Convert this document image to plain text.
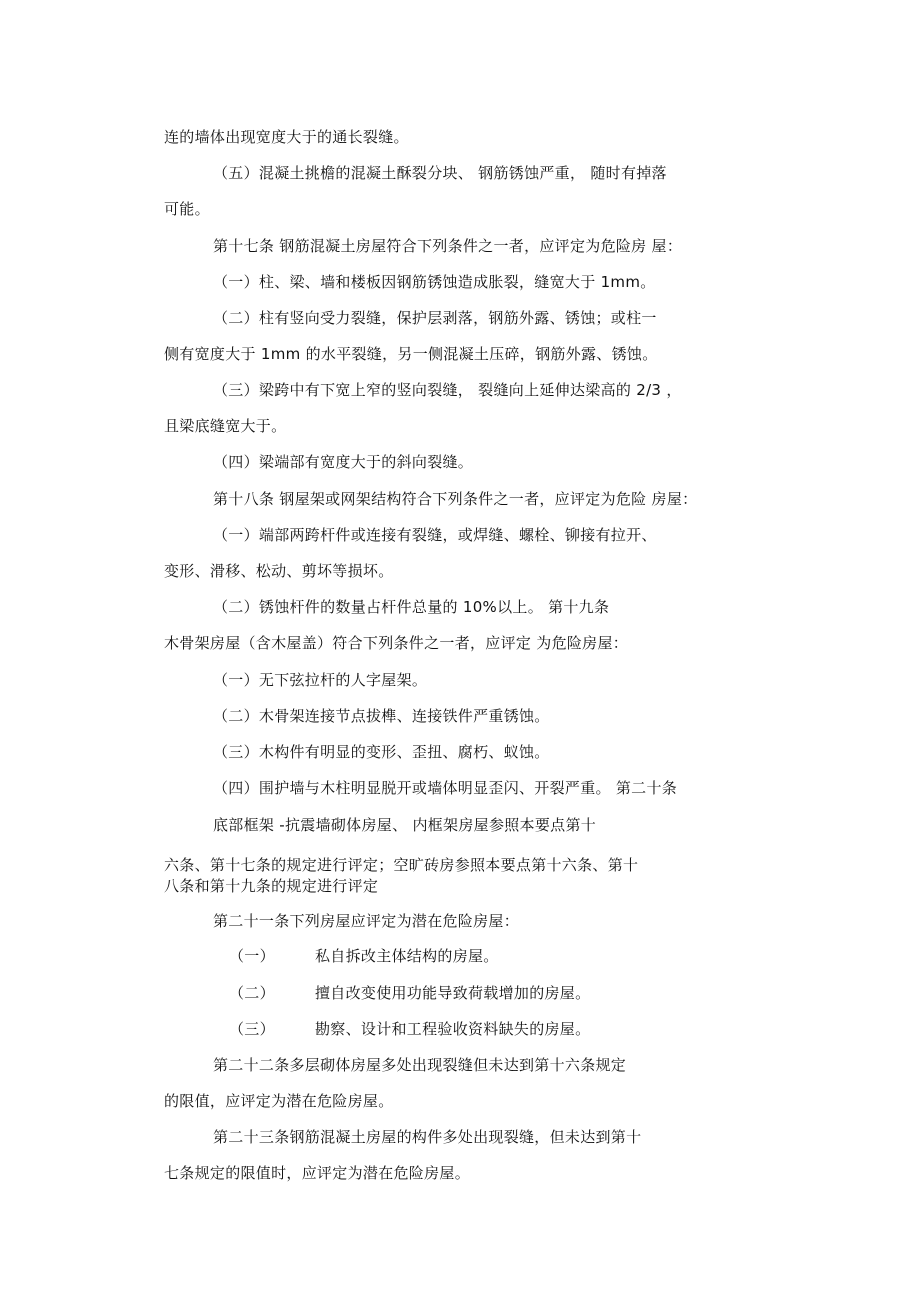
连的墙体出现宽度大于的通长裂缝。
（五）混凝土挑檐的混凝土酥裂分块、 钢筋锈蚀严重， 随时有掉落
可能。
第十七条 钢筋混凝土房屋符合下列条件之一者，应评定为危险房 屋：
（一）柱、梁、墙和楼板因钢筋锈蚀造成胀裂，缝宽大于 1mm。
（二）柱有竖向受力裂缝，保护层剥落，钢筋外露、锈蚀；或柱一
侧有宽度大于 1mm 的水平裂缝，另一侧混凝土压碎，钢筋外露、锈蚀。
（三）梁跨中有下宽上窄的竖向裂缝， 裂缝向上延伸达梁高的 2/3 ，
且梁底缝宽大于。
（四）梁端部有宽度大于的斜向裂缝。
第十八条 钢屋架或网架结构符合下列条件之一者，应评定为危险 房屋：
（一）端部两跨杆件或连接有裂缝，或焊缝、螺栓、铆接有拉开、
变形、滑移、松动、剪坏等损坏。
（二）锈蚀杆件的数量占杆件总量的 10%以上。 第十九条
木骨架房屋（含木屋盖）符合下列条件之一者，应评定 为危险房屋：
（一）无下弦拉杆的人字屋架。
（二）木骨架连接节点拔榫、连接铁件严重锈蚀。
（三）木构件有明显的变形、歪扭、腐朽、蚁蚀。
（四）围护墙与木柱明显脱开或墙体明显歪闪、开裂严重。 第二十条
底部框架 -抗震墙砌体房屋、 内框架房屋参照本要点第十
六条、第十七条的规定进行评定；空旷砖房参照本要点第十六条、第十
八条和第十九条的规定进行评定
第二十一条下列房屋应评定为潜在危险房屋：
（一）	私自拆改主体结构的房屋。
（二）	擅自改变使用功能导致荷载增加的房屋。
（三）	勘察、设计和工程验收资料缺失的房屋。
第二十二条多层砌体房屋多处出现裂缝但未达到第十六条规定
的限值，应评定为潜在危险房屋。
第二十三条钢筋混凝土房屋的构件多处出现裂缝，但未达到第十
七条规定的限值时，应评定为潜在危险房屋。
